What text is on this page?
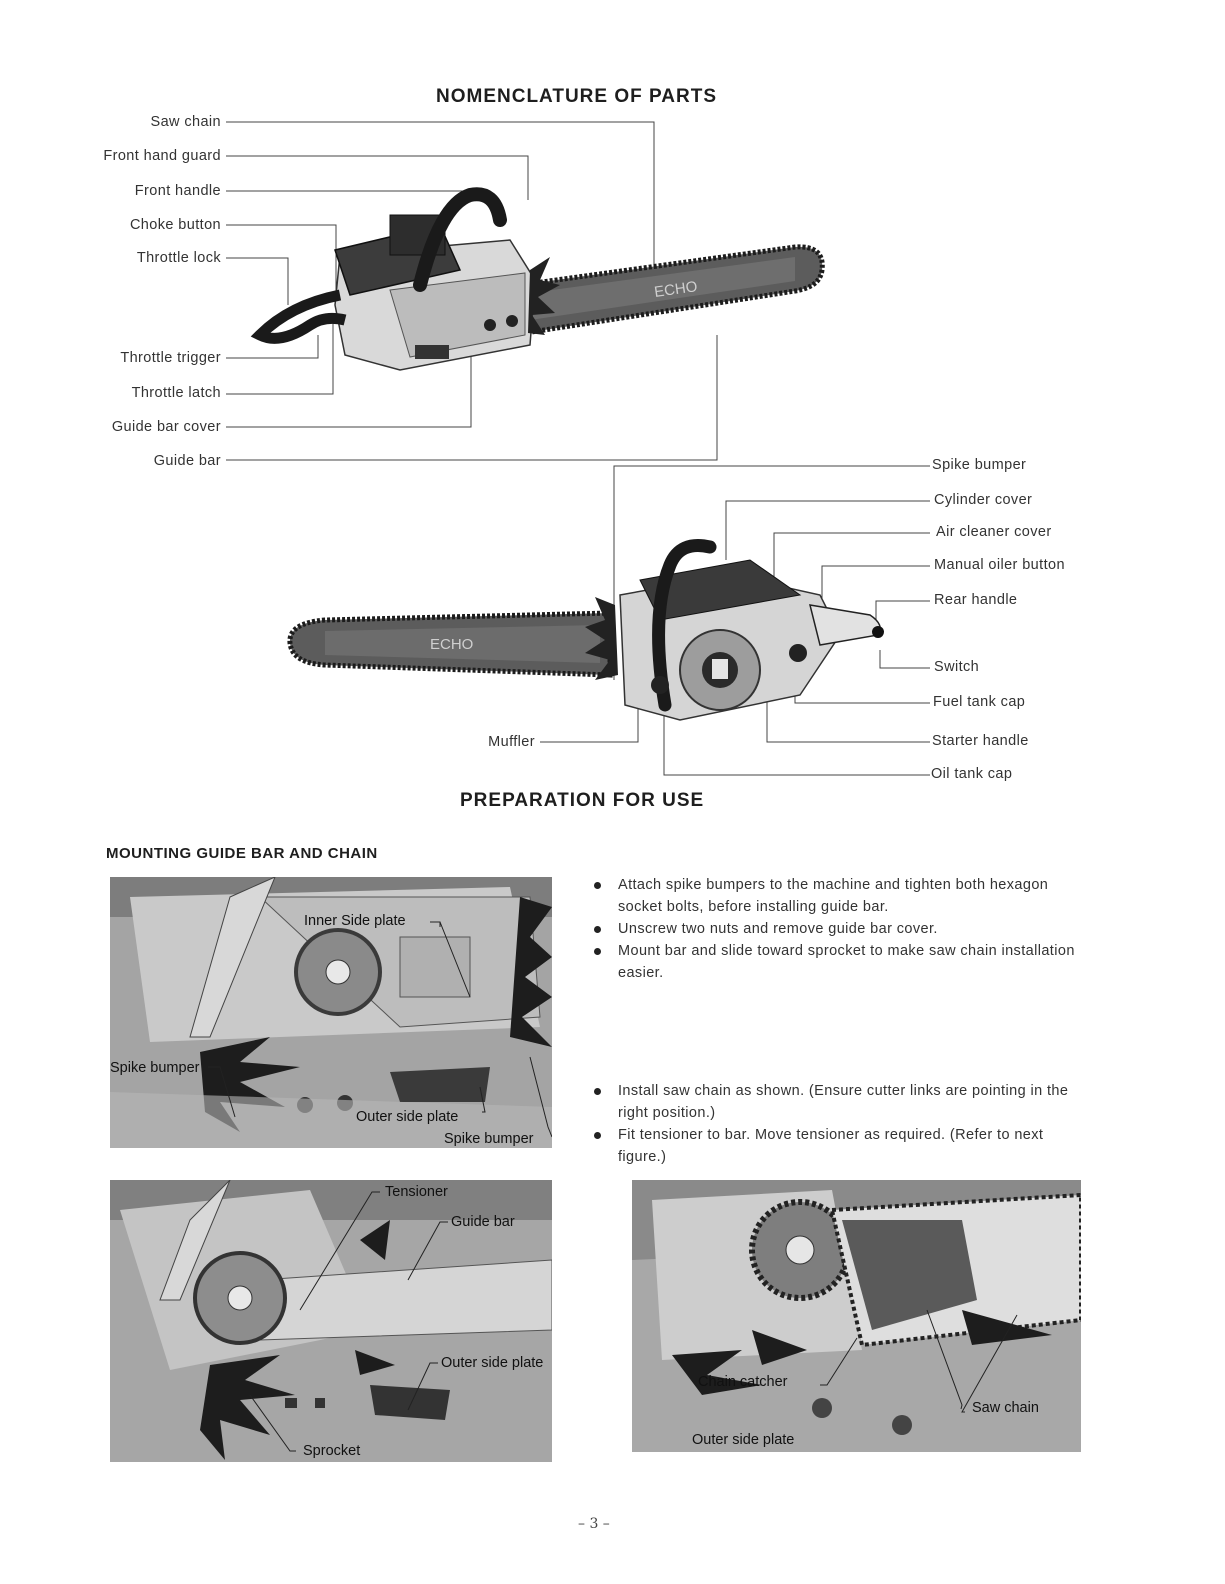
NOMENCLATURE OF PARTS
ECHO
ECHO
Saw chain
Front hand guard
Front handle
Choke button
Throttle lock
Throttle trigger
Throttle latch
Guide bar cover
Guide bar	Spike bumper
Cylinder cover
Air cleaner cover
Manual oiler button
Rear handle
Switch
Fuel tank cap
Starter handle
Oil tank cap
Muffler
PREPARATION FOR USE
MOUNTING GUIDE BAR AND CHAIN
Inner Side plate
Spike bumper
Outer side plate
Spike bumper
Tensioner
Guide bar
Outer side plate
Sprocket
Chain catcher
Saw chain
Outer side plate
Attach spike bumpers to the machine and tighten both hexagon socket bolts, before installing guide bar.
Unscrew two nuts and remove guide bar cover.
Mount bar and slide toward sprocket to make saw chain installation easier.
Install saw chain as shown. (Ensure cutter links are pointing in the right position.)
Fit tensioner to bar. Move tensioner as required. (Refer to next figure.)
– 3 –
